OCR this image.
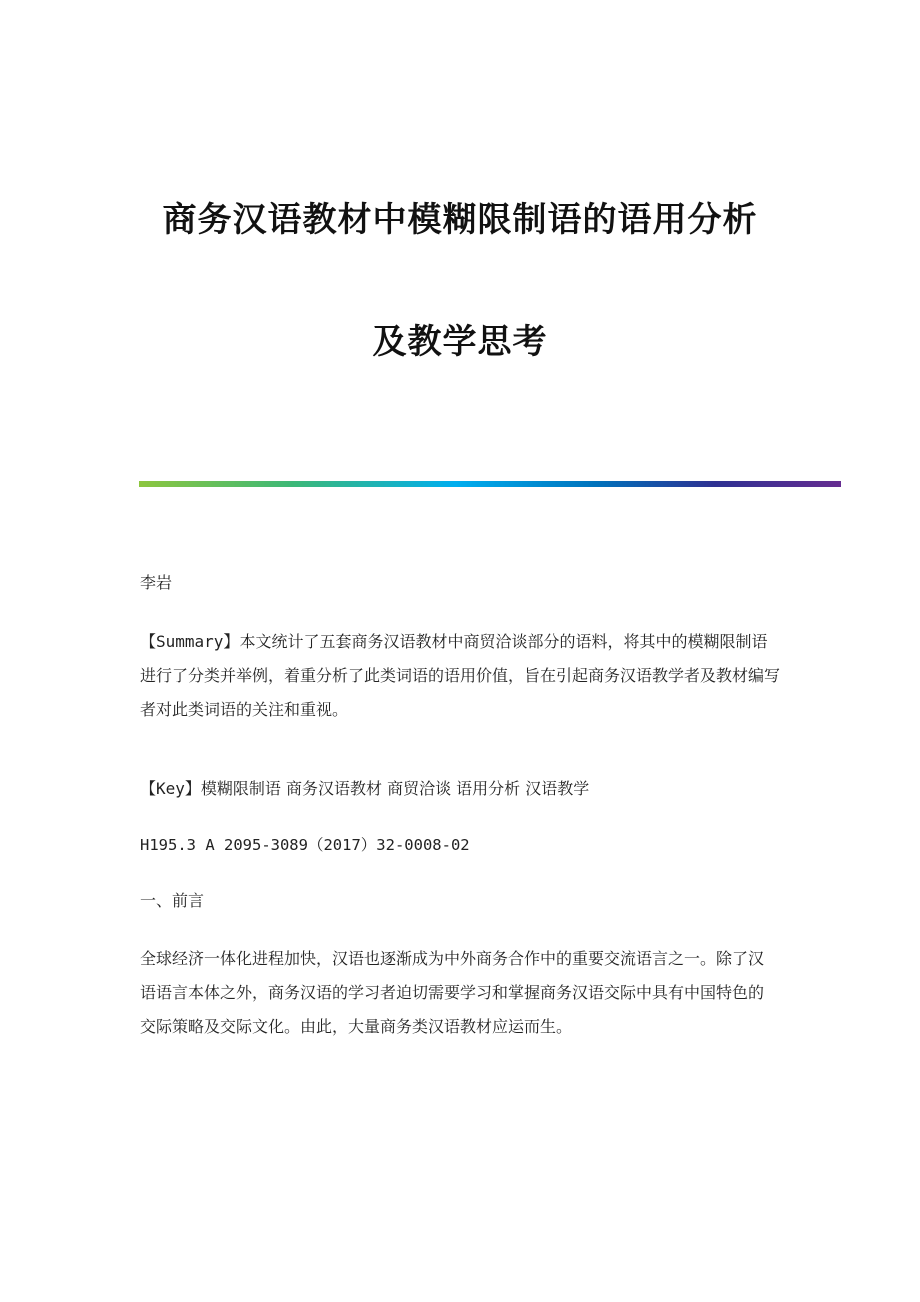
商务汉语教材中模糊限制语的语用分析
及教学思考
李岩
【Summary】本文统计了五套商务汉语教材中商贸洽谈部分的语料，将其中的模糊限制语进行了分类并举例，着重分析了此类词语的语用价值，旨在引起商务汉语教学者及教材编写者对此类词语的关注和重视。
【Key】模糊限制语 商务汉语教材 商贸洽谈 语用分析 汉语教学
H195.3 A 2095-3089（2017）32-0008-02
一、前言
全球经济一体化进程加快，汉语也逐渐成为中外商务合作中的重要交流语言之一。除了汉语语言本体之外，商务汉语的学习者迫切需要学习和掌握商务汉语交际中具有中国特色的交际策略及交际文化。由此，大量商务类汉语教材应运而生。
